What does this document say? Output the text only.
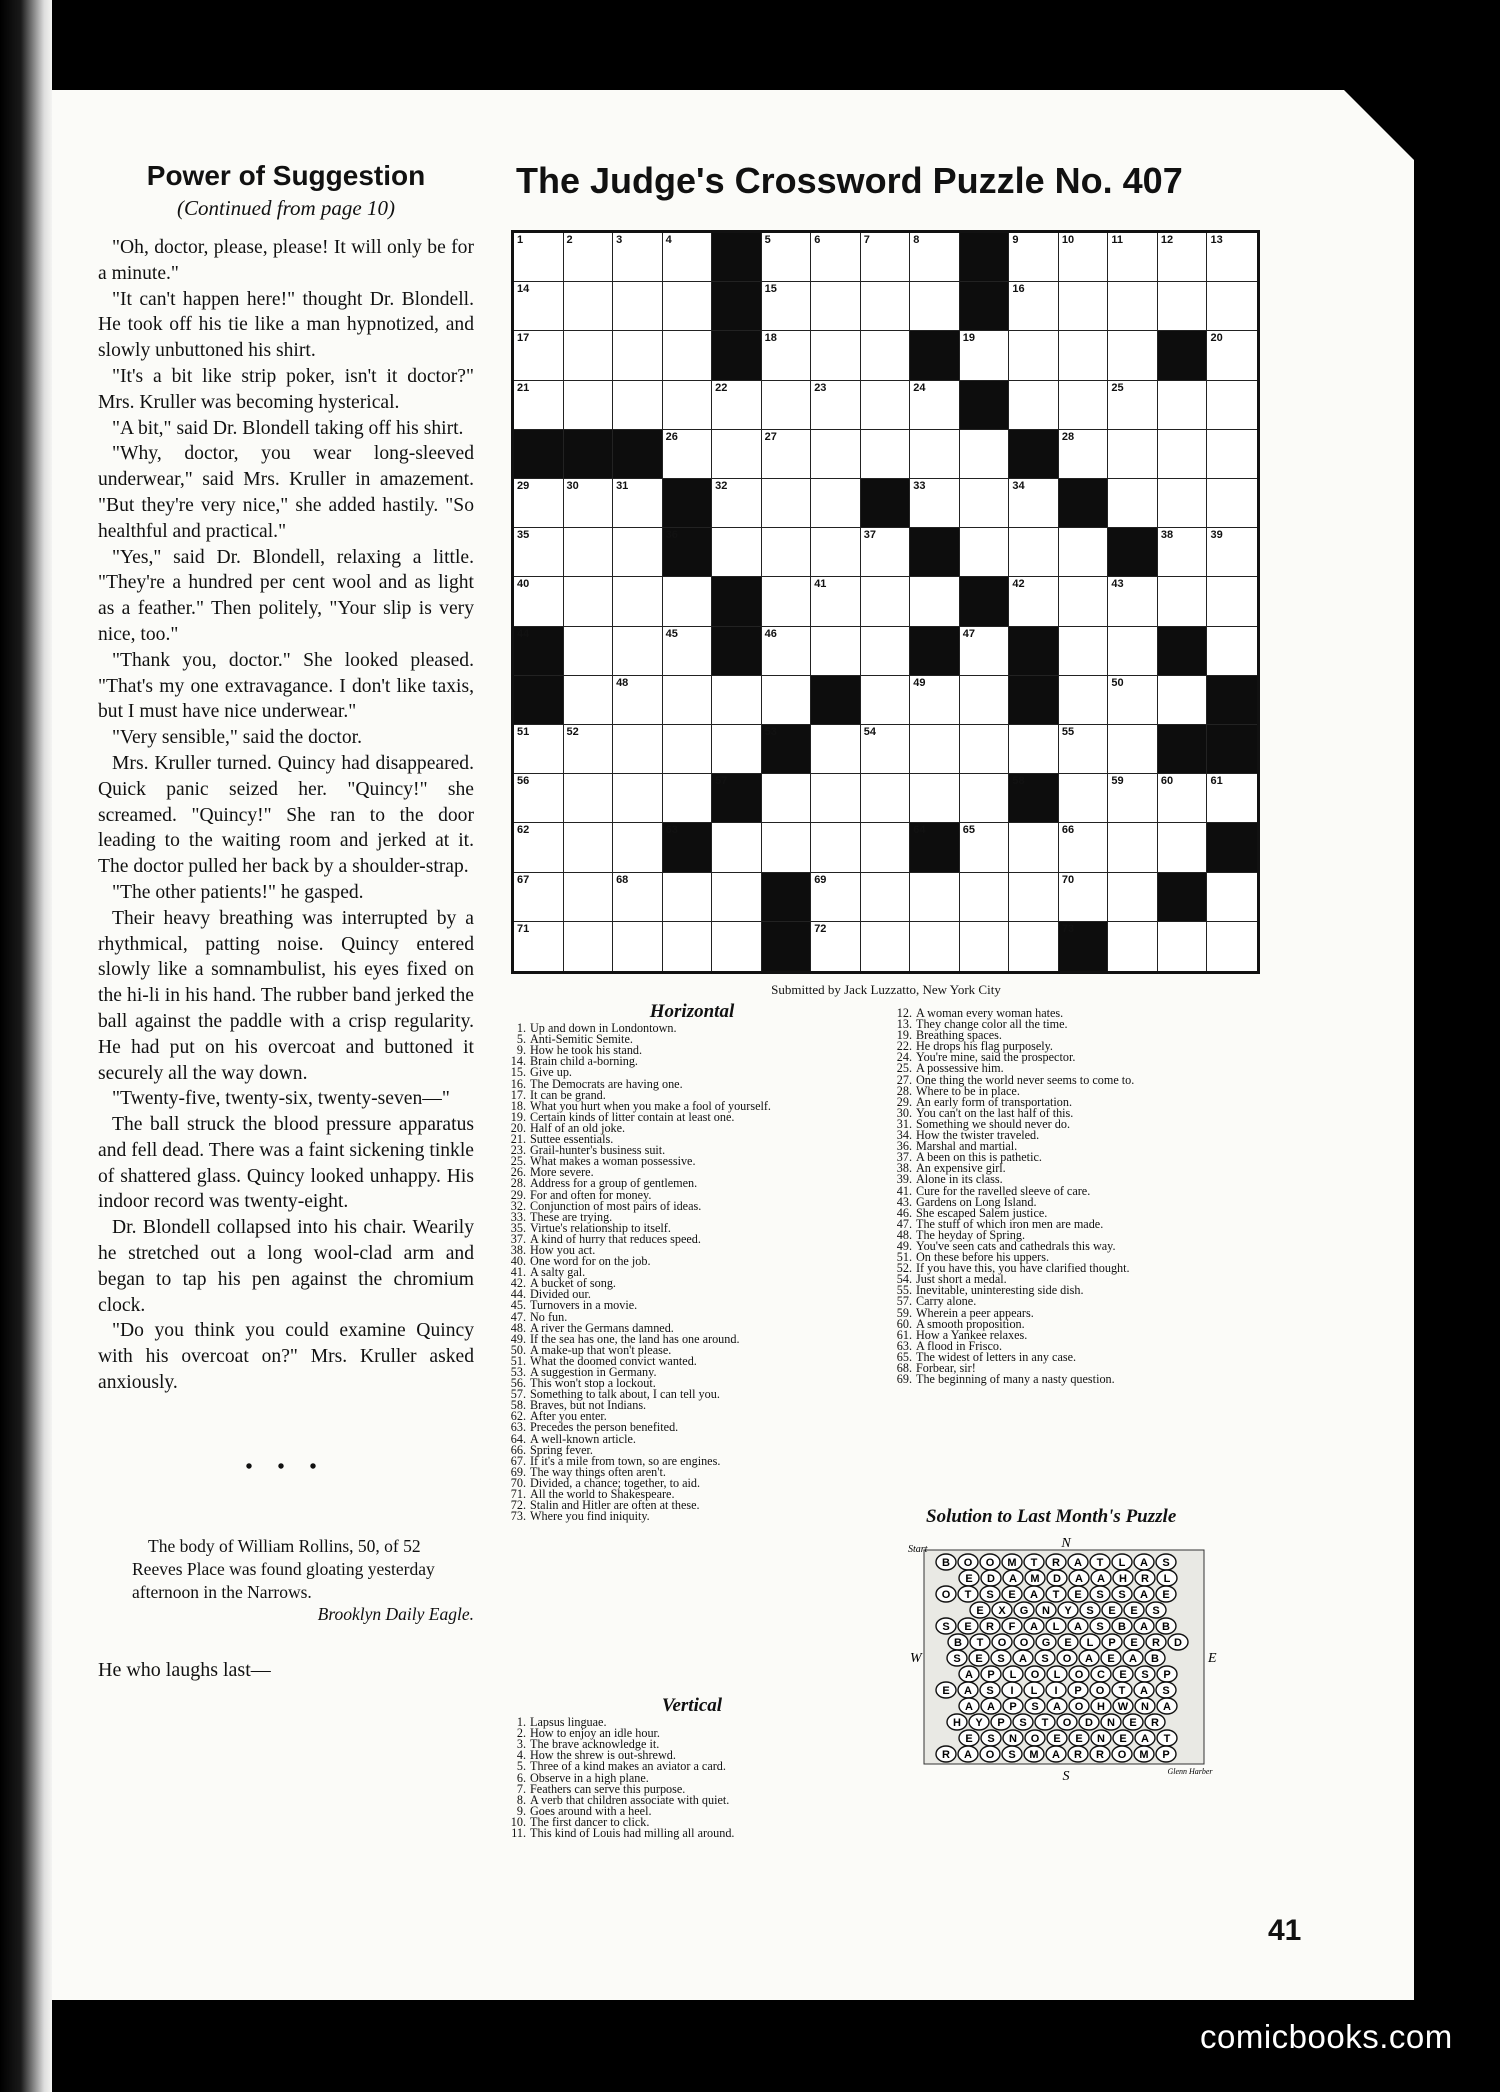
Power of Suggestion
(Continued from page 10)

"Oh, doctor, please, please! It will only be for a minute."

"It can't happen here!" thought Dr. Blondell. He took off his tie like a man hypnotized, and slowly unbuttoned his shirt.

"It's a bit like strip poker, isn't it doctor?" Mrs. Kruller was becoming hysterical.

"A bit," said Dr. Blondell taking off his shirt.

"Why, doctor, you wear long-sleeved underwear," said Mrs. Kruller in amazement. "But they're very nice," she added hastily. "So healthful and practical."

"Yes," said Dr. Blondell, relaxing a little. "They're a hundred per cent wool and as light as a feather." Then politely, "Your slip is very nice, too."

"Thank you, doctor." She looked pleased. "That's my one extravagance. I don't like taxis, but I must have nice underwear."

"Very sensible," said the doctor.

Mrs. Kruller turned. Quincy had disappeared. Quick panic seized her. "Quincy!" she screamed. "Quincy!" She ran to the door leading to the waiting room and jerked at it. The doctor pulled her back by a shoulder-strap.

"The other patients!" he gasped.

Their heavy breathing was interrupted by a rhythmical, patting noise. Quincy entered slowly like a somnambulist, his eyes fixed on the hi-li in his hand. The rubber band jerked the ball against the paddle with a crisp regularity. He had put on his overcoat and buttoned it securely all the way down.

"Twenty-five, twenty-six, twenty-seven—"

The ball struck the blood pressure apparatus and fell dead. There was a faint sickening tinkle of shattered glass. Quincy looked unhappy. His indoor record was twenty-eight.

Dr. Blondell collapsed into his chair. Wearily he stretched out a long wool-clad arm and began to tap his pen against the chromium clock.

"Do you think you could examine Quincy with his overcoat on?" Mrs. Kruller asked anxiously.

• • •
The body of William Rollins, 50, of 52 Reeves Place was found gloating yesterday afternoon in the Narrows.
Brooklyn Daily Eagle.
He who laughs last—
The Judge's Crossword Puzzle No. 407
1	2	3	4	5	6	7	8	9	10	11	12	13
14	15	16
17	18	19	20
21	22	23	24	25
26	27	28
29	30	31	32	33	34
35	36	37	38	39
40	41	42	43
44	45	46	47
48	49	50
51	52	53	54	55
56	57	58	59	60	61
62	63	64	65	66
67	68	69	70
71	72	73
Submitted by Jack Luzzatto, New York City
Horizontal
1. Up and down in Londontown.
5. Anti-Semitic Semite.
9. How he took his stand.
14. Brain child a-borning.
15. Give up.
16. The Democrats are having one.
17. It can be grand.
18. What you hurt when you make a fool of yourself.
19. Certain kinds of litter contain at least one.
20. Half of an old joke.
21. Suttee essentials.
23. Grail-hunter's business suit.
25. What makes a woman possessive.
26. More severe.
28. Address for a group of gentlemen.
29. For and often for money.
32. Conjunction of most pairs of ideas.
33. These are trying.
35. Virtue's relationship to itself.
37. A kind of hurry that reduces speed.
38. How you act.
40. One word for on the job.
41. A salty gal.
42. A bucket of song.
44. Divided our.
45. Turnovers in a movie.
47. No fun.
48. A river the Germans damned.
49. If the sea has one, the land has one around.
50. A make-up that won't please.
51. What the doomed convict wanted.
53. A suggestion in Germany.
56. This won't stop a lockout.
57. Something to talk about, I can tell you.
58. Braves, but not Indians.
62. After you enter.
63. Precedes the person benefited.
64. A well-known article.
66. Spring fever.
67. If it's a mile from town, so are engines.
69. The way things often aren't.
70. Divided, a chance; together, to aid.
71. All the world to Shakespeare.
72. Stalin and Hitler are often at these.
73. Where you find iniquity.
Vertical
1. Lapsus linguae.
2. How to enjoy an idle hour.
3. The brave acknowledge it.
4. How the shrew is out-shrewd.
5. Three of a kind makes an aviator a card.
6. Observe in a high plane.
7. Feathers can serve this purpose.
8. A verb that children associate with quiet.
9. Goes around with a heel.
10. The first dancer to click.
11. This kind of Louis had milling all around.
12. A woman every woman hates.
13. They change color all the time.
19. Breathing spaces.
22. He drops his flag purposely.
24. You're mine, said the prospector.
25. A possessive him.
27. One thing the world never seems to come to.
28. Where to be in place.
29. An early form of transportation.
30. You can't on the last half of this.
31. Something we should never do.
34. How the twister traveled.
36. Marshal and martial.
37. A been on this is pathetic.
38. An expensive girl.
39. Alone in its class.
41. Cure for the ravelled sleeve of care.
43. Gardens on Long Island.
46. She escaped Salem justice.
47. The stuff of which iron men are made.
48. The heyday of Spring.
49. You've seen cats and cathedrals this way.
51. On these before his uppers.
52. If you have this, you have clarified thought.
54. Just short a medal.
55. Inevitable, uninteresting side dish.
57. Carry alone.
59. Wherein a peer appears.
60. A smooth proposition.
61. How a Yankee relaxes.
63. A flood in Frisco.
65. The widest of letters in any case.
68. Forbear, sir!
69. The beginning of many a nasty question.
Solution to Last Month's Puzzle
B O O M T R A T L A S
E D A M D A A H R L
O T S E A T E S S A E
E X G N Y S E E S
S E R F A L A S B A B
B T O O G E L P E R D
S E S A S O A E A B
A P L O L O C E S P
E A S I L I P O T A S
A A P S A O H W N A
H Y P S T O D N E R
E S N O E E N E A T
R A O S M A R R O M P
Start	N
W	E
S	Glenn Harber
41
comicbooks.com
